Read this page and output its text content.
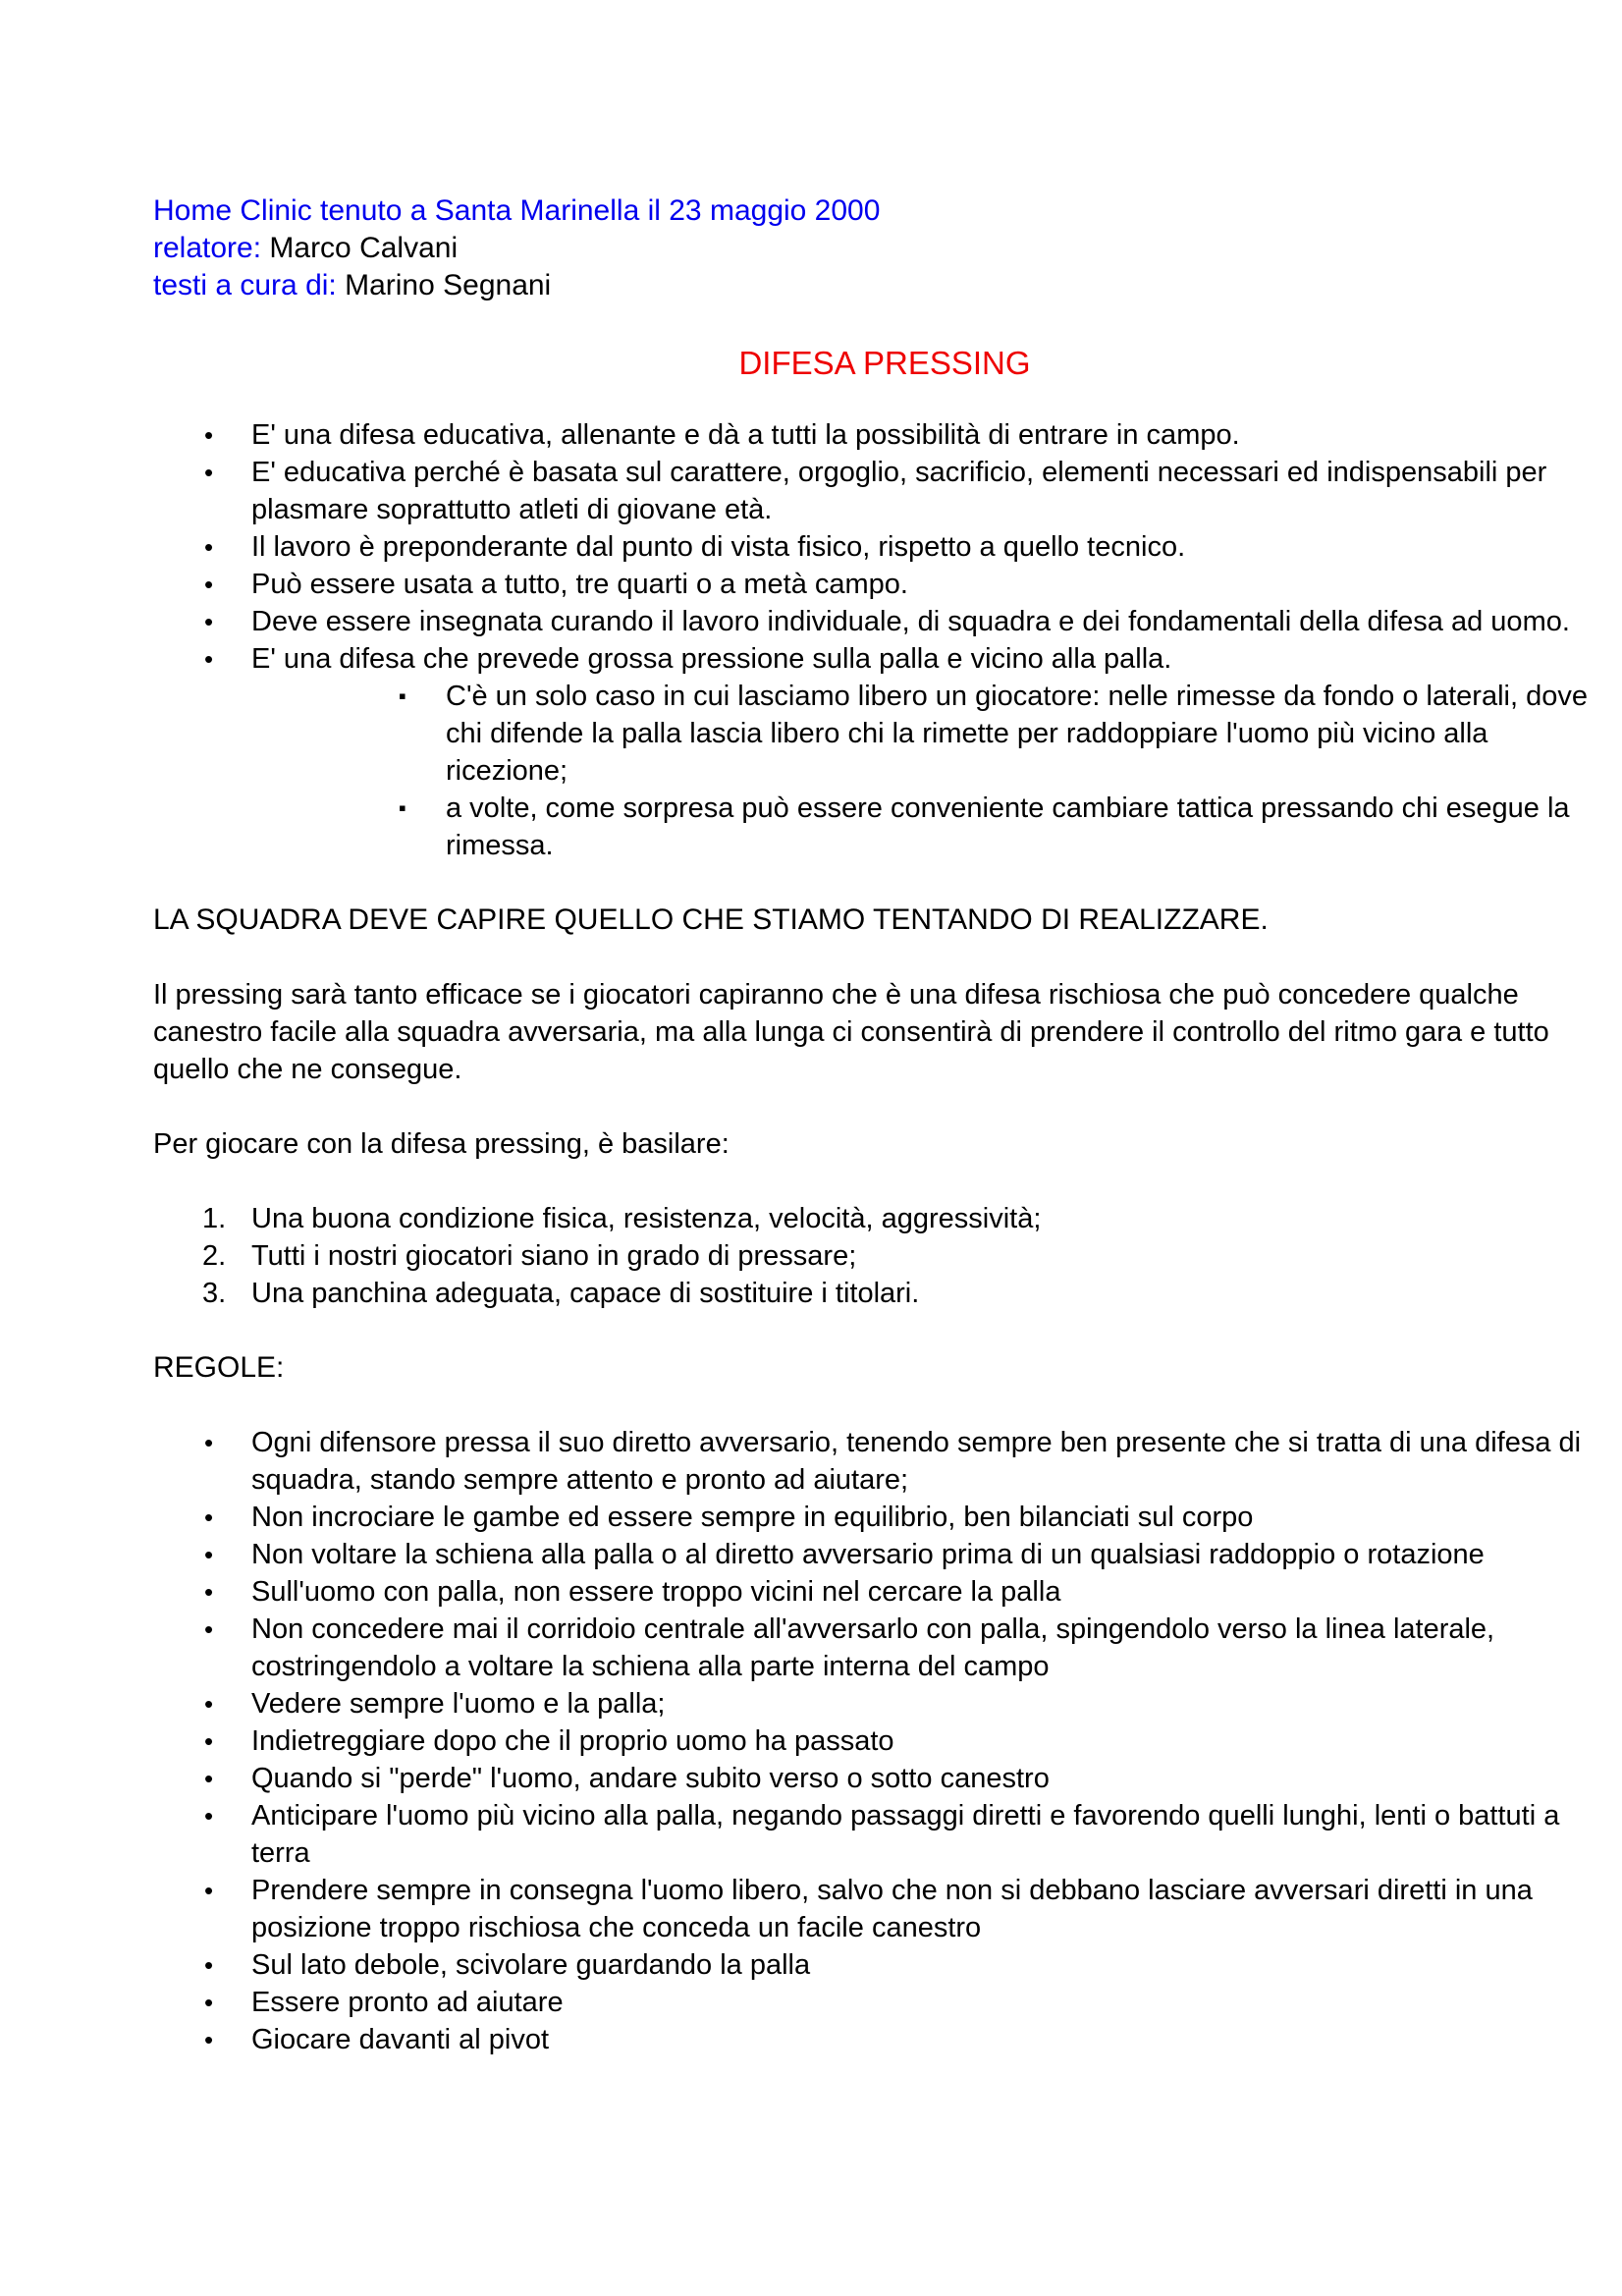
Home Clinic tenuto a Santa Marinella il 23 maggio 2000
relatore: Marco Calvani
testi a cura di: Marino Segnani
DIFESA PRESSING
• E' una difesa educativa, allenante e dà a tutti la possibilità di entrare in campo.
• E' educativa perché è basata sul carattere, orgoglio, sacrificio, elementi necessari ed indispensabili per plasmare soprattutto atleti di giovane età.
• Il lavoro è preponderante dal punto di vista fisico, rispetto a quello tecnico.
• Può essere usata a tutto, tre quarti o a metà campo.
• Deve essere insegnata curando il lavoro individuale, di squadra e dei fondamentali della difesa ad uomo.
• E' una difesa che prevede grossa pressione sulla palla e vicino alla palla.
▪ C'è un solo caso in cui lasciamo libero un giocatore: nelle rimesse da fondo o laterali, dove chi difende la palla lascia libero chi la rimette per raddoppiare l'uomo più vicino alla ricezione;
▪ a volte, come sorpresa può essere conveniente cambiare tattica pressando chi esegue la rimessa.
LA SQUADRA DEVE CAPIRE QUELLO CHE STIAMO TENTANDO DI REALIZZARE.
Il pressing sarà tanto efficace se i giocatori capiranno che è una difesa rischiosa che può concedere qualche canestro facile alla squadra avversaria, ma alla lunga ci consentirà di prendere il controllo del ritmo gara e tutto quello che ne consegue.
Per giocare con la difesa pressing, è basilare:
1. Una buona condizione fisica, resistenza, velocità, aggressività;
2. Tutti i nostri giocatori siano in grado di pressare;
3. Una panchina adeguata, capace di sostituire i titolari.
REGOLE:
• Ogni difensore pressa il suo diretto avversario, tenendo sempre ben presente che si tratta di una difesa di squadra, stando sempre attento e pronto ad aiutare;
• Non incrociare le gambe ed essere sempre in equilibrio, ben bilanciati sul corpo
• Non voltare la schiena alla palla o al diretto avversario prima di un qualsiasi raddoppio o rotazione
• Sull'uomo con palla, non essere troppo vicini nel cercare la palla
• Non concedere mai il corridoio centrale all'avversarlo con palla, spingendolo verso la linea laterale, costringendolo a voltare la schiena alla parte interna del campo
• Vedere sempre l'uomo e la palla;
• Indietreggiare dopo che il proprio uomo ha passato
• Quando si "perde" l'uomo, andare subito verso o sotto canestro
• Anticipare l'uomo più vicino alla palla, negando passaggi diretti e favorendo quelli lunghi, lenti o battuti a terra
• Prendere sempre in consegna l'uomo libero, salvo che non si debbano lasciare avversari diretti in una posizione troppo rischiosa che conceda un facile canestro
• Sul lato debole, scivolare guardando la palla
• Essere pronto ad aiutare
• Giocare davanti al pivot
